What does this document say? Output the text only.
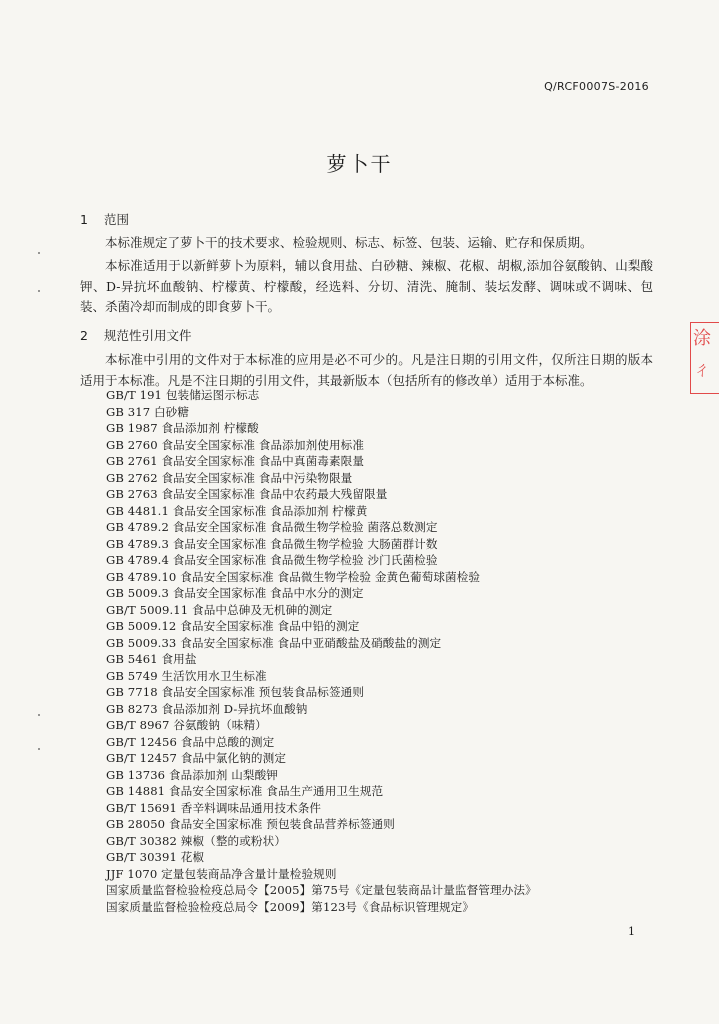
Q/RCF0007S-2016
萝卜干
1 范围

本标准规定了萝卜干的技术要求、检验规则、标志、标签、包装、运输、贮存和保质期。

本标准适用于以新鲜萝卜为原料，辅以食用盐、白砂糖、辣椒、花椒、胡椒,添加谷氨酸钠、山梨酸钾、D-异抗坏血酸钠、柠檬黄、柠檬酸，经选料、分切、清洗、腌制、装坛发酵、调味或不调味、包装、杀菌冷却而制成的即食萝卜干。

2 规范性引用文件

本标准中引用的文件对于本标准的应用是必不可少的。凡是注日期的引用文件，仅所注日期的版本适用于本标准。凡是不注日期的引用文件，其最新版本（包括所有的修改单）适用于本标准。

GB/T 191 包装储运图示标志
GB 317 白砂糖
GB 1987 食品添加剂 柠檬酸
GB 2760 食品安全国家标准 食品添加剂使用标准
GB 2761 食品安全国家标准 食品中真菌毒素限量
GB 2762 食品安全国家标准 食品中污染物限量
GB 2763 食品安全国家标准 食品中农药最大残留限量
GB 4481.1 食品安全国家标准 食品添加剂 柠檬黄
GB 4789.2 食品安全国家标准 食品微生物学检验 菌落总数测定
GB 4789.3 食品安全国家标准 食品微生物学检验 大肠菌群计数
GB 4789.4 食品安全国家标准 食品微生物学检验 沙门氏菌检验
GB 4789.10 食品安全国家标准 食品微生物学检验 金黄色葡萄球菌检验
GB 5009.3 食品安全国家标准 食品中水分的测定
GB/T 5009.11 食品中总砷及无机砷的测定
GB 5009.12 食品安全国家标准 食品中铅的测定
GB 5009.33 食品安全国家标准 食品中亚硝酸盐及硝酸盐的测定
GB 5461 食用盐
GB 5749 生活饮用水卫生标准
GB 7718 食品安全国家标准 预包装食品标签通则
GB 8273 食品添加剂 D-异抗坏血酸钠
GB/T 8967 谷氨酸钠（味精）
GB/T 12456 食品中总酸的测定
GB/T 12457 食品中氯化钠的测定
GB 13736 食品添加剂 山梨酸钾
GB 14881 食品安全国家标准 食品生产通用卫生规范
GB/T 15691 香辛料调味品通用技术条件
GB 28050 食品安全国家标准 预包装食品营养标签通则
GB/T 30382 辣椒（整的或粉状）
GB/T 30391 花椒
JJF 1070 定量包装商品净含量计量检验规则
国家质量监督检验检疫总局令【2005】第75号《定量包装商品计量监督管理办法》
国家质量监督检验检疫总局令【2009】第123号《食品标识管理规定》
1
涂
ㄔ
